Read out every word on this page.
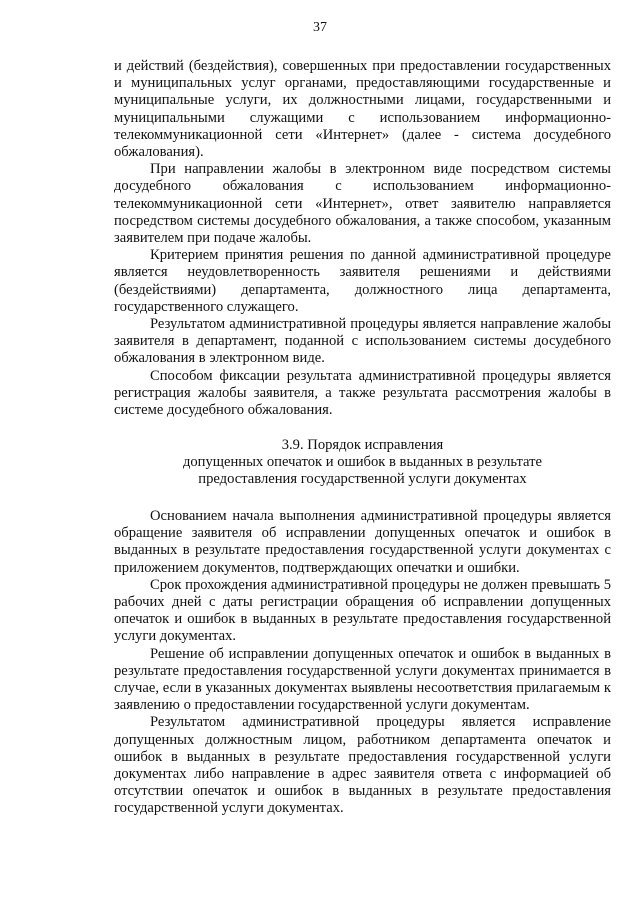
37

и действий (бездействия), совершенных при предоставлении государственных и муниципальных услуг органами, предоставляющими государственные и муниципальные услуги, их должностными лицами, государственными и муниципальными служащими с использованием информационно-телекоммуникационной сети «Интернет» (далее - система досудебного обжалования).

При направлении жалобы в электронном виде посредством системы досудебного обжалования с использованием информационно-телекоммуникационной сети «Интернет», ответ заявителю направляется посредством системы досудебного обжалования, а также способом, указанным заявителем при подаче жалобы.

Критерием принятия решения по данной административной процедуре является неудовлетворенность заявителя решениями и действиями (бездействиями) департамента, должностного лица департамента, государственного служащего.

Результатом административной процедуры является направление жалобы заявителя в департамент, поданной с использованием системы досудебного обжалования в электронном виде.

Способом фиксации результата административной процедуры является регистрация жалобы заявителя, а также результата рассмотрения жалобы в системе досудебного обжалования.

3.9. Порядок исправления

допущенных опечаток и ошибок в выданных в результате

предоставления государственной услуги документах

Основанием начала выполнения административной процедуры является обращение заявителя об исправлении допущенных опечаток и ошибок в выданных в результате предоставления государственной услуги документах с приложением документов, подтверждающих опечатки и ошибки.

Срок прохождения административной процедуры не должен превышать 5 рабочих дней с даты регистрации обращения об исправлении допущенных опечаток и ошибок в выданных в результате предоставления государственной услуги документах.

Решение об исправлении допущенных опечаток и ошибок в выданных в результате предоставления государственной услуги документах принимается в случае, если в указанных документах выявлены несоответствия прилагаемым к заявлению о предоставлении государственной услуги документам.

Результатом административной процедуры является исправление допущенных должностным лицом, работником департамента опечаток и ошибок в выданных в результате предоставления государственной услуги документах либо направление в адрес заявителя ответа с информацией об отсутствии опечаток и ошибок в выданных в результате предоставления государственной услуги документах.
